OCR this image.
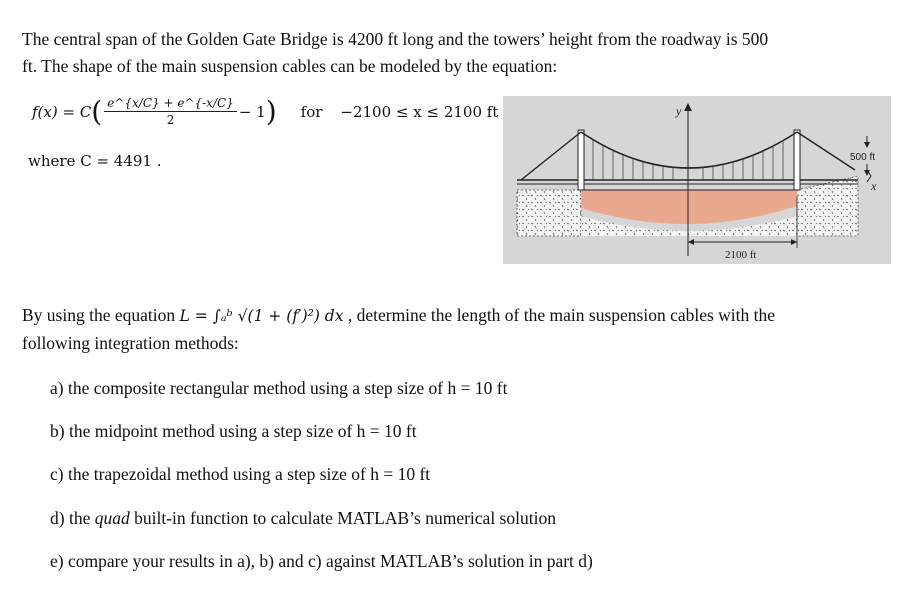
The central span of the Golden Gate Bridge is 4200 ft long and the towers’ height from the roadway is 500
ft. The shape of the main suspension cables can be modeled by the equation:
f(x) = C ( $\frac{e\^{}\{x/C\} + e\^{}\{-x/C\}}{2} - 1$ ) for −2100 ≤ x ≤ 2100 ft
where C = 4491 .
y
x
500 ft
2100 ft
By using the equation L = ∫ₐᵇ √(1 + (f′)²) dx , determine the length of the main suspension cables with the
following integration methods:
a) the composite rectangular method using a step size of h = 10 ft
b) the midpoint method using a step size of h = 10 ft
c) the trapezoidal method using a step size of h = 10 ft
d) the quad built-in function to calculate MATLAB’s numerical solution
e) compare your results in a), b) and c) against MATLAB’s solution in part d)
